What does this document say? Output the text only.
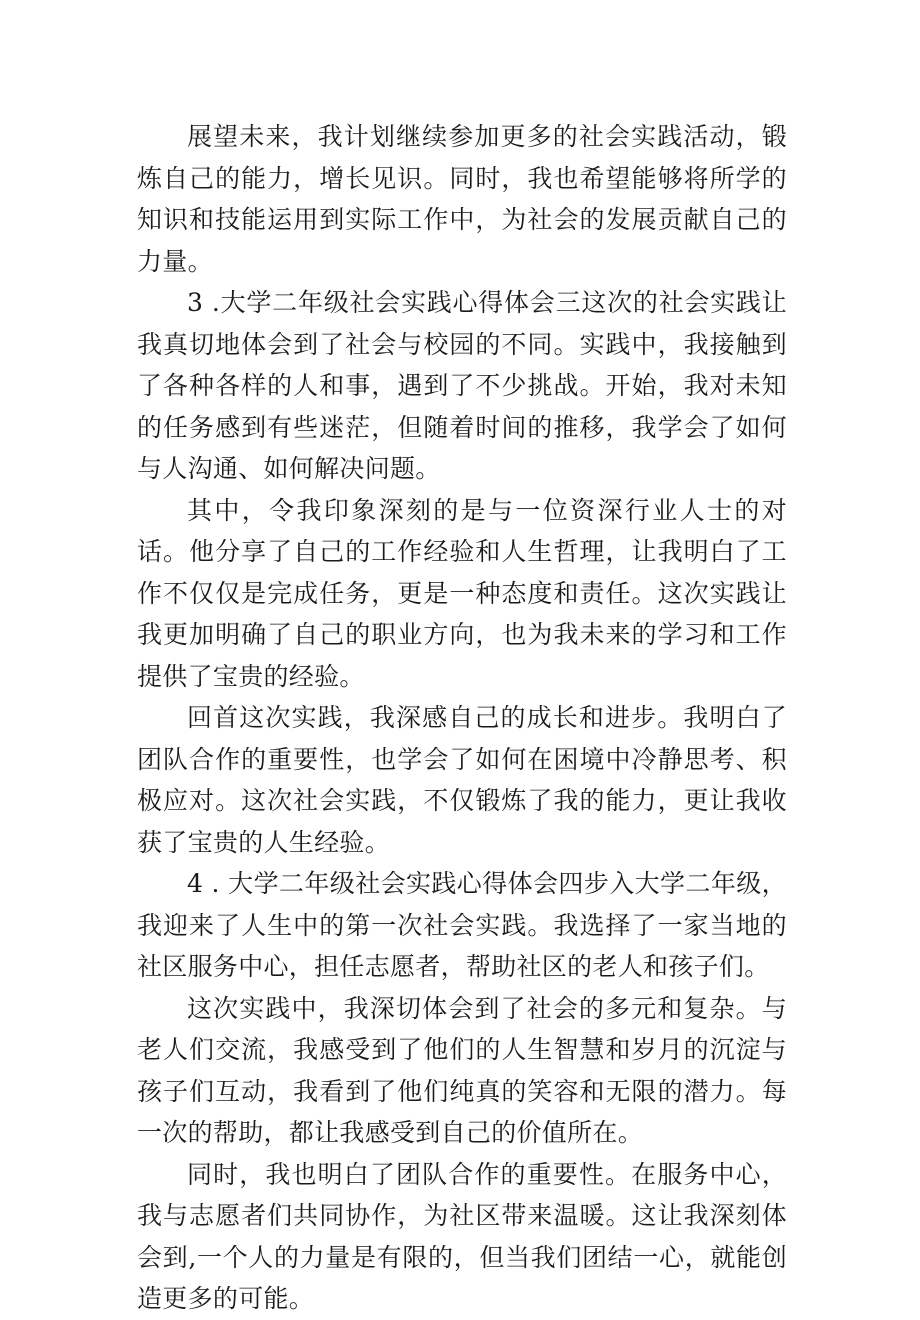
展望未来，我计划继续参加更多的社会实践活动，锻炼自己的能力，增长见识。同时，我也希望能够将所学的知识和技能运用到实际工作中，为社会的发展贡献自己的力量。

3 .大学二年级社会实践心得体会三这次的社会实践让我真切地体会到了社会与校园的不同。实践中，我接触到了各种各样的人和事，遇到了不少挑战。开始，我对未知的任务感到有些迷茫，但随着时间的推移，我学会了如何与人沟通、如何解决问题。

其中，令我印象深刻的是与一位资深行业人士的对话。他分享了自己的工作经验和人生哲理，让我明白了工作不仅仅是完成任务，更是一种态度和责任。这次实践让我更加明确了自己的职业方向，也为我未来的学习和工作提供了宝贵的经验。

回首这次实践，我深感自己的成长和进步。我明白了团队合作的重要性，也学会了如何在困境中冷静思考、积极应对。这次社会实践，不仅锻炼了我的能力，更让我收获了宝贵的人生经验。

4 . 大学二年级社会实践心得体会四步入大学二年级，我迎来了人生中的第一次社会实践。我选择了一家当地的社区服务中心，担任志愿者，帮助社区的老人和孩子们。

这次实践中，我深切体会到了社会的多元和复杂。与老人们交流，我感受到了他们的人生智慧和岁月的沉淀与孩子们互动，我看到了他们纯真的笑容和无限的潜力。每一次的帮助，都让我感受到自己的价值所在。

同时，我也明白了团队合作的重要性。在服务中心，我与志愿者们共同协作，为社区带来温暖。这让我深刻体会到,一个人的力量是有限的，但当我们团结一心，就能创造更多的可能。
